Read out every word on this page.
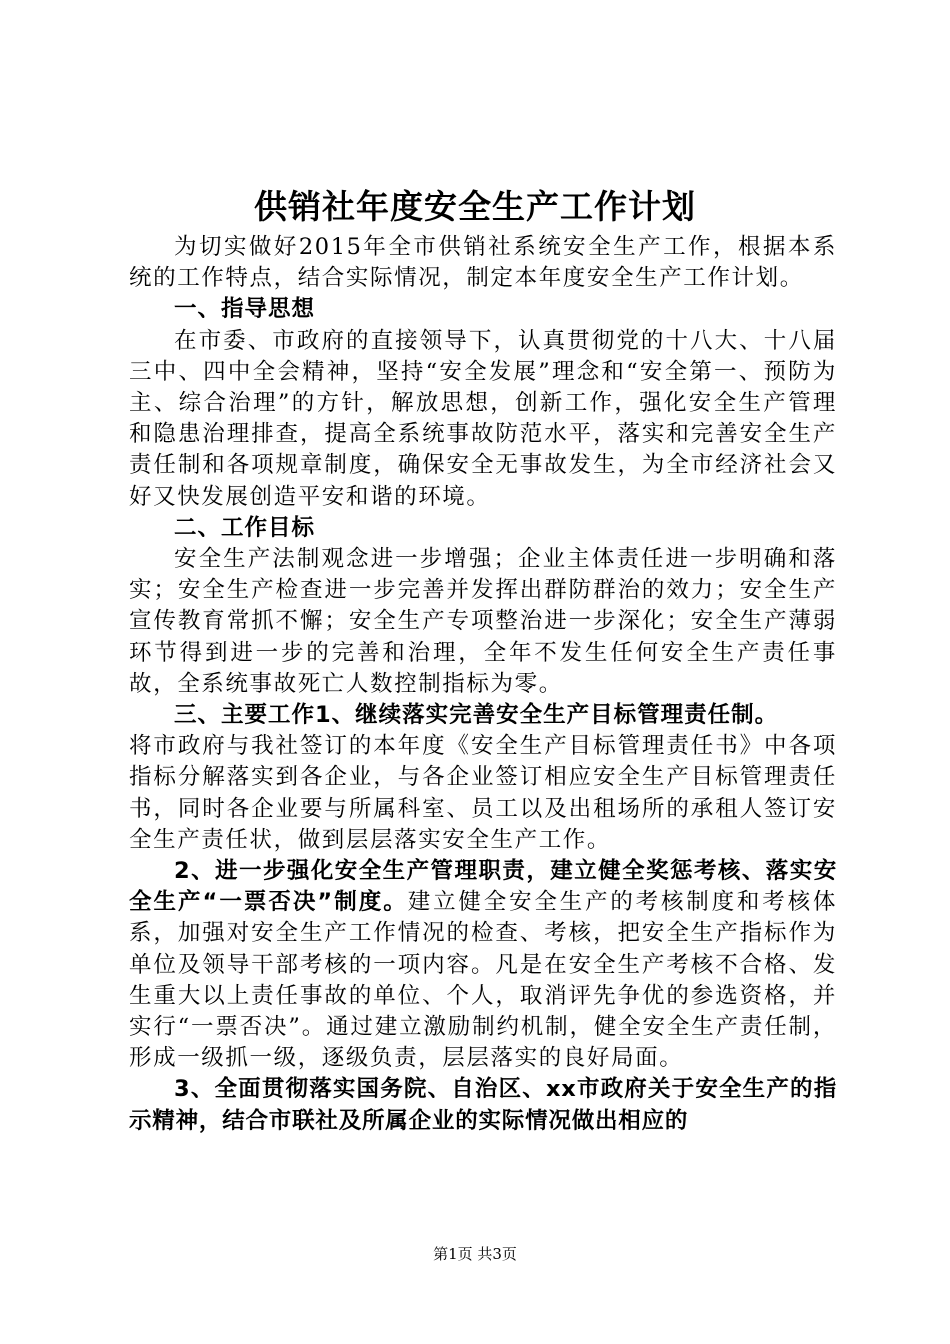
供销社年度安全生产工作计划

为切实做好2015年全市供销社系统安全生产工作，根据本系统的工作特点，结合实际情况，制定本年度安全生产工作计划。

一、指导思想

在市委、市政府的直接领导下，认真贯彻党的十八大、十八届三中、四中全会精神，坚持“安全发展”理念和“安全第一、预防为主、综合治理”的方针，解放思想，创新工作，强化安全生产管理和隐患治理排查，提高全系统事故防范水平，落实和完善安全生产责任制和各项规章制度，确保安全无事故发生，为全市经济社会又好又快发展创造平安和谐的环境。

二、工作目标

安全生产法制观念进一步增强；企业主体责任进一步明确和落实；安全生产检查进一步完善并发挥出群防群治的效力；安全生产宣传教育常抓不懈；安全生产专项整治进一步深化；安全生产薄弱环节得到进一步的完善和治理，全年不发生任何安全生产责任事故，全系统事故死亡人数控制指标为零。

三、主要工作1、继续落实完善安全生产目标管理责任制。

将市政府与我社签订的本年度《安全生产目标管理责任书》中各项指标分解落实到各企业，与各企业签订相应安全生产目标管理责任书，同时各企业要与所属科室、员工以及出租场所的承租人签订安全生产责任状，做到层层落实安全生产工作。

2、进一步强化安全生产管理职责，建立健全奖惩考核、落实安全生产“一票否决”制度。建立健全安全生产的考核制度和考核体系，加强对安全生产工作情况的检查、考核，把安全生产指标作为单位及领导干部考核的一项内容。凡是在安全生产考核不合格、发生重大以上责任事故的单位、个人，取消评先争优的参选资格，并实行“一票否决”。通过建立激励制约机制，健全安全生产责任制，形成一级抓一级，逐级负责，层层落实的良好局面。

3、全面贯彻落实国务院、自治区、xx市政府关于安全生产的指示精神，结合市联社及所属企业的实际情况做出相应的

第1页 共3页
